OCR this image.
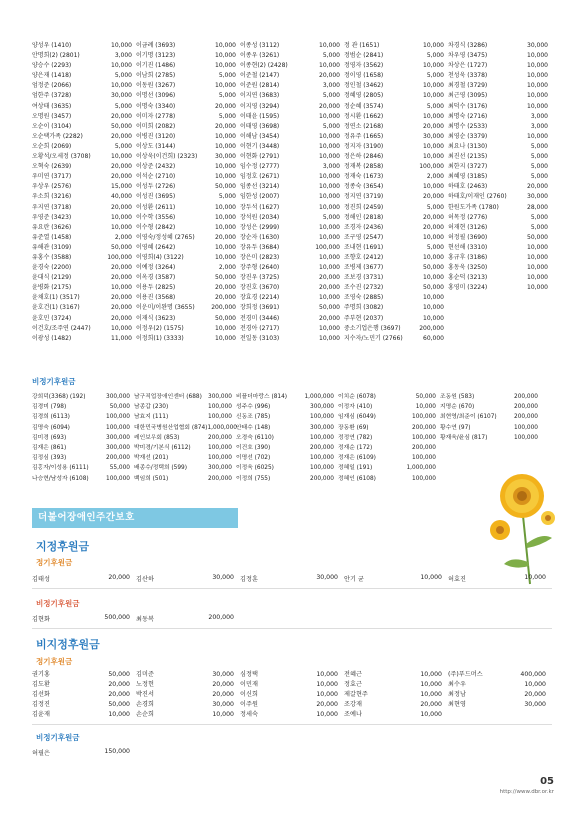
양성우 (1410)	10,000 이금례 (3693)	10,000 이종성 (3112)	10,000 정 관 (1651)	10,000 차경식 (3286)	30,000
안명희(2) (2801)	3,000 이기명 (3123)	10,000 이종우 (3261)	5,000 정범순 (2841)	5,000 차우영 (3475)	10,000
양승수 (2293)	10,000 이기진 (1486)	10,000 이종현(2) (2428)	10,000 정영자 (3562)	10,000 차상은 (1727)	10,000
양은재 (1418)	5,000 이남희 (2785)	5,000 이준철 (2147)	20,000 정이영 (1658)	5,000 천성욱 (3378)	10,000
엄정준 (2066)	10,000 이동원 (3267)	10,000 이준원 (2814)	3,000 정인철 (3462)	10,000 최경철 (3729)	10,000
엄한주 (3728)	30,000 이명선 (3096)	5,000 이지연 (3683)	5,000 정혜영 (2805)	10,000 최근영 (3095)	10,000
여상태 (3635)	5,000 이명숙 (3340)	20,000 이지영 (3294)	20,000 정순혜 (3574)	5,000 최덕수 (3176)	10,000
오명원 (3457)	20,000 이미자 (2778)	5,000 이태윤 (1595)	10,000 정시환 (1662)	10,000 최명숙 (2716)	3,000
오순이 (3104)	50,000 이미희 (2082)	20,000 이태영 (3698)	5,000 정연소 (2168)	20,000 최명수 (2533)	3,000
오순택가족 (2282)	20,000 이병진 (3120)	10,000 이해남 (3454)	10,000 정유주 (1665)	30,000 최영순 (3379)	10,000
오순희 (2069)	5,000 이상도 (3144)	10,000 이현기 (3448)	10,000 정지자 (3190)	10,000 최요나 (3130)	5,000
오황석/오세정 (3708)	10,000 이상욱(이건희) (2323)	30,000 이현화 (2791)	10,000 정은하 (2846)	10,000 최진선 (2135)	5,000
오혁숙 (2639)	20,000 이상준 (2432)	10,000 임수정 (2777)	3,000 정재복 (2858)	100,000 최한지 (3727)	5,000
우미연 (3717)	20,000 이석순 (2710)	10,000 임정호 (2671)	10,000 정재숙 (1673)	2,000 최혜영 (3185)	5,000
우상우 (2576)	15,000 이성두 (2726)	50,000 임종선 (3214)	10,000 정종숙 (3654)	10,000 하태호 (2463)	20,000
우소희 (3216)	40,000 이성진 (3695)	5,000 임한성 (2007)	10,000 정지연 (3719)	20,000 하태호/이재인 (2760)	30,000
우지연 (3718)	20,000 이성환 (2611)	10,000 장두석 (1627)	10,000 정진희 (2459)	5,000 한원도가족 (1780)	28,000
우영준 (3423)	10,000 이수학 (3556)	10,000 장석원 (2034)	5,000 정해인 (2818)	20,000 허목정 (2776)	5,000
유요란 (3626)	10,000 이수형 (2842)	10,000 장성은 (2999)	10,000 조경자 (2436)	20,000 허재현 (3126)	5,000
유준열 (1458)	2,000 이영숙/정성혜 (2765)	20,000 장순자 (1630)	10,000 조구영 (2547)	10,000 허정필 (3690)	50,000
유해관 (3109)	50,000 이영혜 (2642)	10,000 장유두 (3684)	100,000 조내현 (1691)	5,000 현선해 (3310)	10,000
유홍수 (3588)	100,000 이영희(4) (3122)	10,000 장은미 (2823)	10,000 조향호 (2412)	10,000 홍규후 (3186)	10,000
윤경숙 (2200)	20,000 이예정 (3264)	2,000 장주형 (2640)	10,000 조병제 (3677)	50,000 홍동욱 (3250)	10,000
윤대식 (2129)	20,000 이옥경 (3587)	50,000 장진우 (3725)	20,000 조보경 (3731)	10,000 홍순덕 (3213)	10,000
윤병화 (2175)	10,000 이용두 (2825)	20,000 장진호 (3670)	20,000 조수진 (2732)	50,000 홍영미 (3224)	10,000
윤채호(1) (3517)	20,000 이용진 (3568)	20,000 장효경 (2214)	10,000 조영숙 (2885)	10,000
윤호건(1) (3167)	20,000 이운미/이완명 (3655)	200,000 장희정 (3691)	50,000 주명희 (3082)	10,000
윤호민 (3724)	20,000 이재식 (3623)	50,000 전경미 (3446)	20,000 주부현 (2037)	10,000
이건호/조주연 (2447)	10,000 이정우(2) (1575)	10,000 전경아 (2717)	10,000 중소기업은행 (3697)	200,000
이광성 (1482)	11,000 이정희(1) (3333)	10,000 전일동 (3103)	10,000 지수자/노민기 (2766)	60,000
비정기후원금
강희덕(3368) (192)	300,000 남구직업장애인센터 (688) 300,000 비플더마랑스 (814)	1,000,000 이치순 (6078)	50,000 조동원 (583)	200,000
김경미 (798)	50,000 남종갑 (230)	100,000 성주수 (996)	300,000 이정자 (410)	10,000 지명순 (670)	200,000
김경희 (6113)	100,000 남효지 (111)	100,000 신동조 (785)	100,000 임재심 (6049)	100,000 최현영/최준이 (6107)	200,000
김명숙 (6094)	100,000 대한민국병원산업협회 (874) 1,000,000 안태수 (148)	300,000 장동환 (69)	200,000 황수연 (97)	100,000
김미경 (693)	300,000 레인보우회 (853)	200,000 오경숙 (6110)	100,000 정정연 (782)	100,000 황재욱/윤심 (817)	100,000
김재은 (861)	300,000 박미경/기본식 (6112)	100,000 이건호 (390)	200,000 정재순 (172)	200,000
김정심 (393)	200,000 박재선 (201)	100,000 이명선 (702)	100,000 정재은 (6109)	100,000
김홍자/이성용 (6111)	55,000 배종수/정택희 (599)	300,000 이정욱 (6025)	100,000 정혜일 (191)	1,000,000
나승현/남성자 (6108)	100,000 백임희 (501)	200,000 이정희 (755)	200,000 정혜인 (6108)	100,000
더불어장애인주간보호
지정후원금
정기후원금
김태성	20,000 김산하	30,000 김정훈	30,000 안기 균	10,000 허효진	10,000
비정기후원금
김현화	500,000 최동복	200,000
비지정후원금
정기후원금
권기홍	50,000 김미준	30,000 심정택	10,000 전혜근	10,000 (주)푸드머스	400,000
김도환	20,000 노정헌	20,000 이민재	10,000 정효근	10,000 최수우	10,000
김선화	20,000 박진서	20,000 이신희	10,000 제갈현주	10,000 최정남	20,000
김정진	50,000 손경희	30,000 이주원	20,000 조강재	20,000 최현영	30,000
김윤재	10,000 손순희	10,000 정세숙	10,000 조예나	10,000
비정기후원금
허필은	150,000
05
http://www.dbr.or.kr
